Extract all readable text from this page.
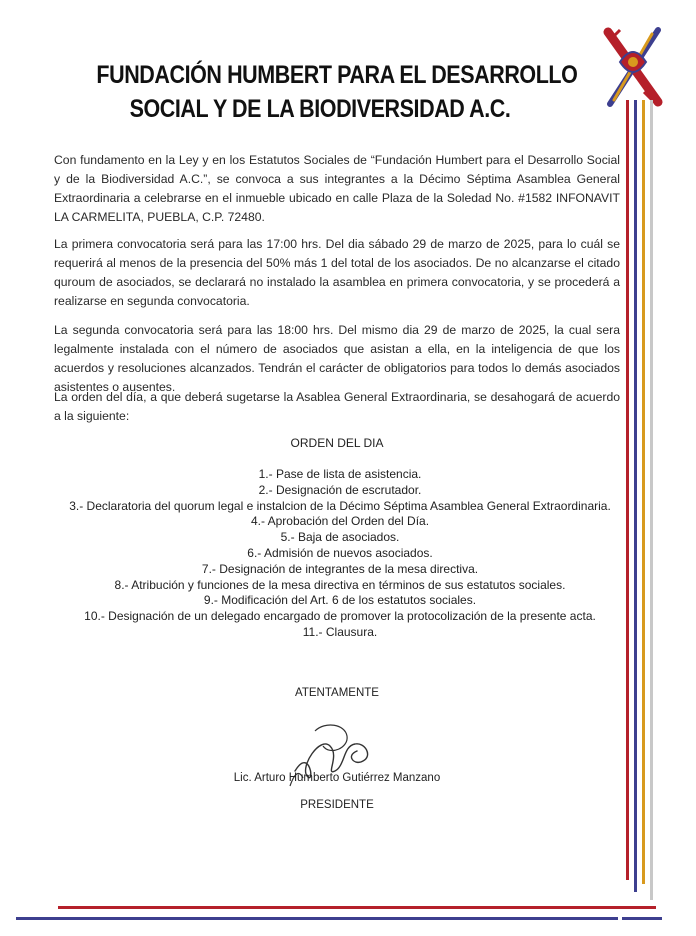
FUNDACIÓN HUMBERT PARA EL DESARROLLO
SOCIAL Y DE LA BIODIVERSIDAD A.C.

Con fundamento en la Ley y en los Estatutos Sociales de “Fundación Humbert para el Desarrollo Social y de la Biodiversidad A.C.”, se convoca a sus integrantes a la Décimo Séptima Asamblea General Extraordinaria a celebrarse en el inmueble ubicado en calle Plaza de la Soledad No. #1582 INFONAVIT LA CARMELITA, PUEBLA, C.P. 72480.

La primera convocatoria será para las 17:00 hrs. Del dia sábado 29 de marzo de 2025, para lo cuál se requerirá al menos de la presencia del 50% más 1 del total de los asociados. De no alcanzarse el citado quroum de asociados, se declarará no instalado la asamblea en primera convocatoria, y se procederá a realizarse en segunda convocatoria.

La segunda convocatoria será para las 18:00 hrs. Del mismo dia 29 de marzo de 2025, la cual sera legalmente instalada con el número de asociados que asistan a ella, en la inteligencia de que los acuerdos y resoluciones alcanzados. Tendrán el carácter de obligatorios para todos lo demás asociados asistentes o ausentes.

La orden del día, a que deberá sugetarse la Asablea General Extraordinaria, se desahogará de acuerdo a la siguiente:

ORDEN DEL DIA
1.- Pase de lista de asistencia.
2.- Designación de escrutador.
3.- Declaratoria del quorum legal e instalcion de la Décimo Séptima Asamblea General Extraordinaria.
4.- Aprobación del Orden del Día.
5.- Baja de asociados.
6.- Admisión de nuevos asociados.
7.- Designación de integrantes de la mesa directiva.
8.- Atribución y funciones de la mesa directiva en términos de sus estatutos sociales.
9.- Modificación del Art. 6 de los estatutos sociales.
10.- Designación de un delegado encargado de promover la protocolización de la presente acta.
11.- Clausura.
ATENTAMENTE
Lic. Arturo Humberto Gutiérrez Manzano
PRESIDENTE
